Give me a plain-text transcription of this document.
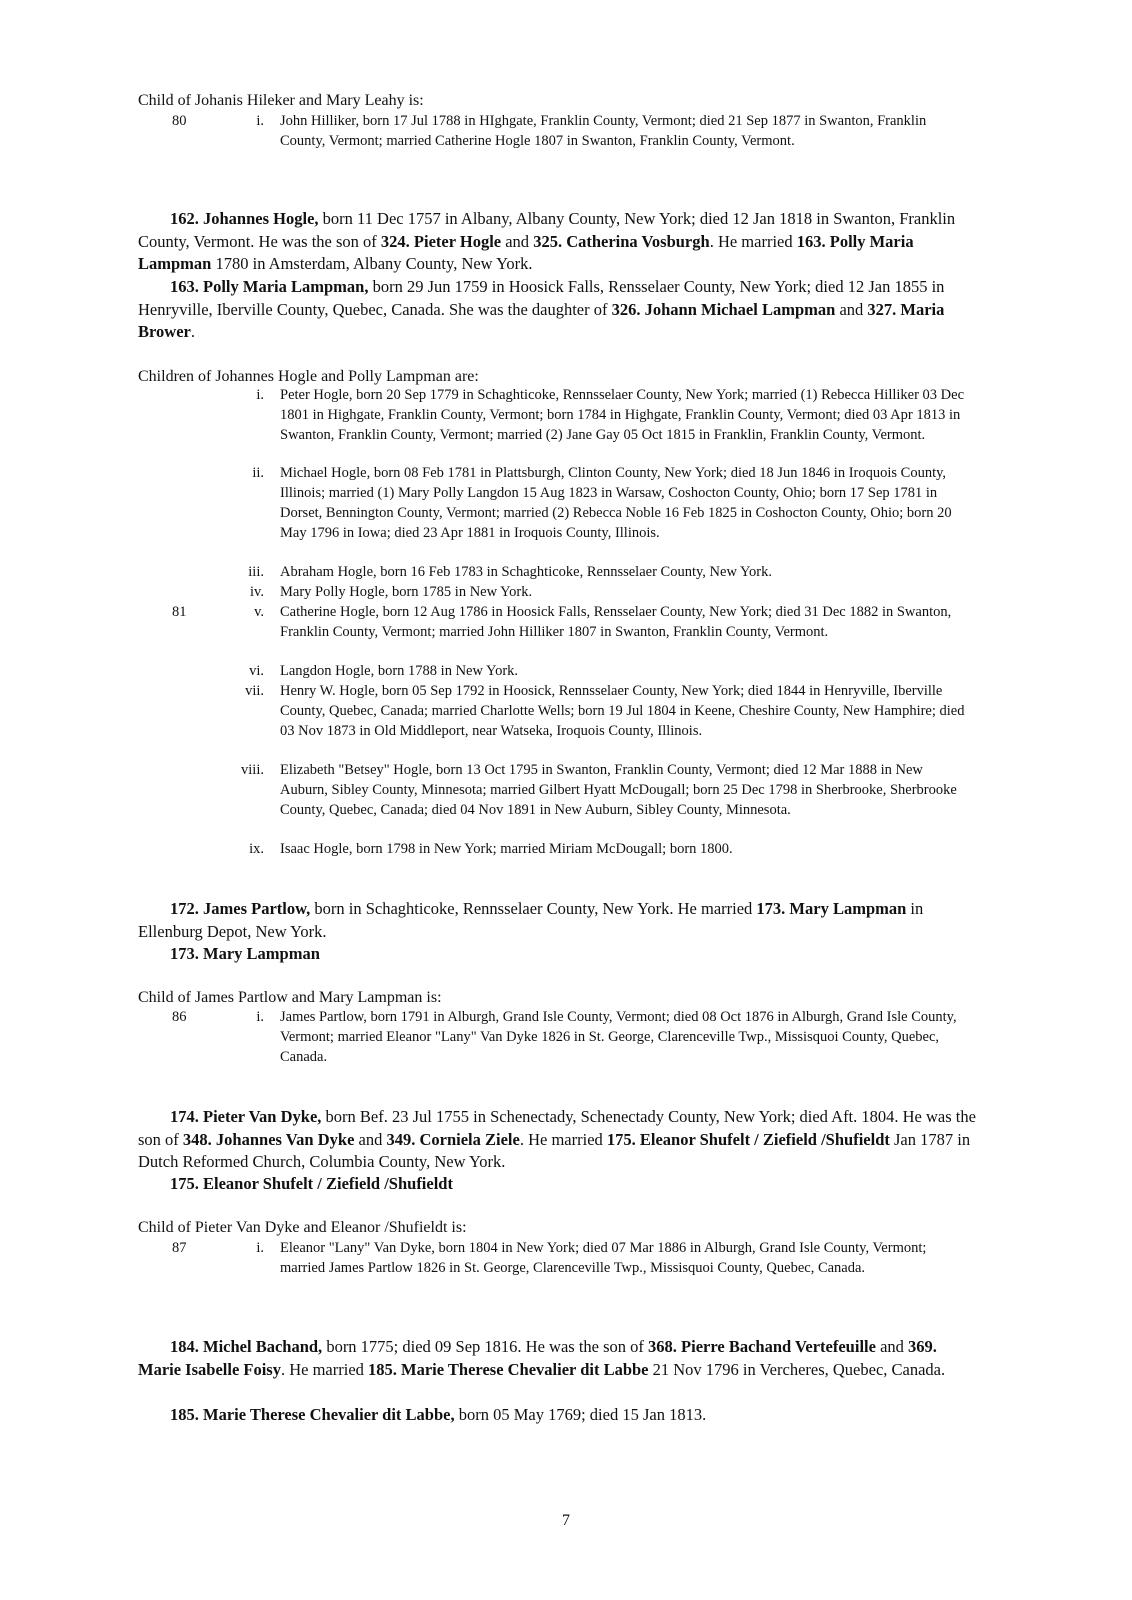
Child of Johanis Hileker and Mary Leahy is:
80	i. John Hilliker, born 17 Jul 1788 in HIghgate, Franklin County, Vermont; died 21 Sep 1877 in Swanton, Franklin County, Vermont; married Catherine Hogle 1807 in Swanton, Franklin County, Vermont.
162. Johannes Hogle, born 11 Dec 1757 in Albany, Albany County, New York; died 12 Jan 1818 in Swanton, Franklin County, Vermont. He was the son of 324. Pieter Hogle and 325. Catherina Vosburgh. He married 163. Polly Maria Lampman 1780 in Amsterdam, Albany County, New York.
163. Polly Maria Lampman, born 29 Jun 1759 in Hoosick Falls, Rensselaer County, New York; died 12 Jan 1855 in Henryville, Iberville County, Quebec, Canada. She was the daughter of 326. Johann Michael Lampman and 327. Maria Brower.
Children of Johannes Hogle and Polly Lampman are:
i. Peter Hogle, born 20 Sep 1779 in Schaghticoke, Rennsselaer County, New York; married (1) Rebecca Hilliker 03 Dec 1801 in Highgate, Franklin County, Vermont; born 1784 in Highgate, Franklin County, Vermont; died 03 Apr 1813 in Swanton, Franklin County, Vermont; married (2) Jane Gay 05 Oct 1815 in Franklin, Franklin County, Vermont.
ii. Michael Hogle, born 08 Feb 1781 in Plattsburgh, Clinton County, New York; died 18 Jun 1846 in Iroquois County, Illinois; married (1) Mary Polly Langdon 15 Aug 1823 in Warsaw, Coshocton County, Ohio; born 17 Sep 1781 in Dorset, Bennington County, Vermont; married (2) Rebecca Noble 16 Feb 1825 in Coshocton County, Ohio; born 20 May 1796 in Iowa; died 23 Apr 1881 in Iroquois County, Illinois.
iii. Abraham Hogle, born 16 Feb 1783 in Schaghticoke, Rennsselaer County, New York.
iv. Mary Polly Hogle, born 1785 in New York.
81	v. Catherine Hogle, born 12 Aug 1786 in Hoosick Falls, Rensselaer County, New York; died 31 Dec 1882 in Swanton, Franklin County, Vermont; married John Hilliker 1807 in Swanton, Franklin County, Vermont.
vi. Langdon Hogle, born 1788 in New York.
vii. Henry W. Hogle, born 05 Sep 1792 in Hoosick, Rennsselaer County, New York; died 1844 in Henryville, Iberville County, Quebec, Canada; married Charlotte Wells; born 19 Jul 1804 in Keene, Cheshire County, New Hamphire; died 03 Nov 1873 in Old Middleport, near Watseka, Iroquois County, Illinois.
viii. Elizabeth "Betsey" Hogle, born 13 Oct 1795 in Swanton, Franklin County, Vermont; died 12 Mar 1888 in New Auburn, Sibley County, Minnesota; married Gilbert Hyatt McDougall; born 25 Dec 1798 in Sherbrooke, Sherbrooke County, Quebec, Canada; died 04 Nov 1891 in New Auburn, Sibley County, Minnesota.
ix. Isaac Hogle, born 1798 in New York; married Miriam McDougall; born 1800.
172. James Partlow, born in Schaghticoke, Rennsselaer County, New York. He married 173. Mary Lampman in Ellenburg Depot, New York.
173. Mary Lampman
Child of James Partlow and Mary Lampman is:
86	i. James Partlow, born 1791 in Alburgh, Grand Isle County, Vermont; died 08 Oct 1876 in Alburgh, Grand Isle County, Vermont; married Eleanor "Lany" Van Dyke 1826 in St. George, Clarenceville Twp., Missisquoi County, Quebec, Canada.
174. Pieter Van Dyke, born Bef. 23 Jul 1755 in Schenectady, Schenectady County, New York; died Aft. 1804. He was the son of 348. Johannes Van Dyke and 349. Corniela Ziele. He married 175. Eleanor Shufelt / Ziefield /Shufieldt Jan 1787 in Dutch Reformed Church, Columbia County, New York.
175. Eleanor Shufelt / Ziefield /Shufieldt
Child of Pieter Van Dyke and Eleanor /Shufieldt is:
87	i. Eleanor "Lany" Van Dyke, born 1804 in New York; died 07 Mar 1886 in Alburgh, Grand Isle County, Vermont; married James Partlow 1826 in St. George, Clarenceville Twp., Missisquoi County, Quebec, Canada.
184. Michel Bachand, born 1775; died 09 Sep 1816. He was the son of 368. Pierre Bachand Vertefeuille and 369. Marie Isabelle Foisy. He married 185. Marie Therese Chevalier dit Labbe 21 Nov 1796 in Vercheres, Quebec, Canada.
185. Marie Therese Chevalier dit Labbe, born 05 May 1769; died 15 Jan 1813.
7
